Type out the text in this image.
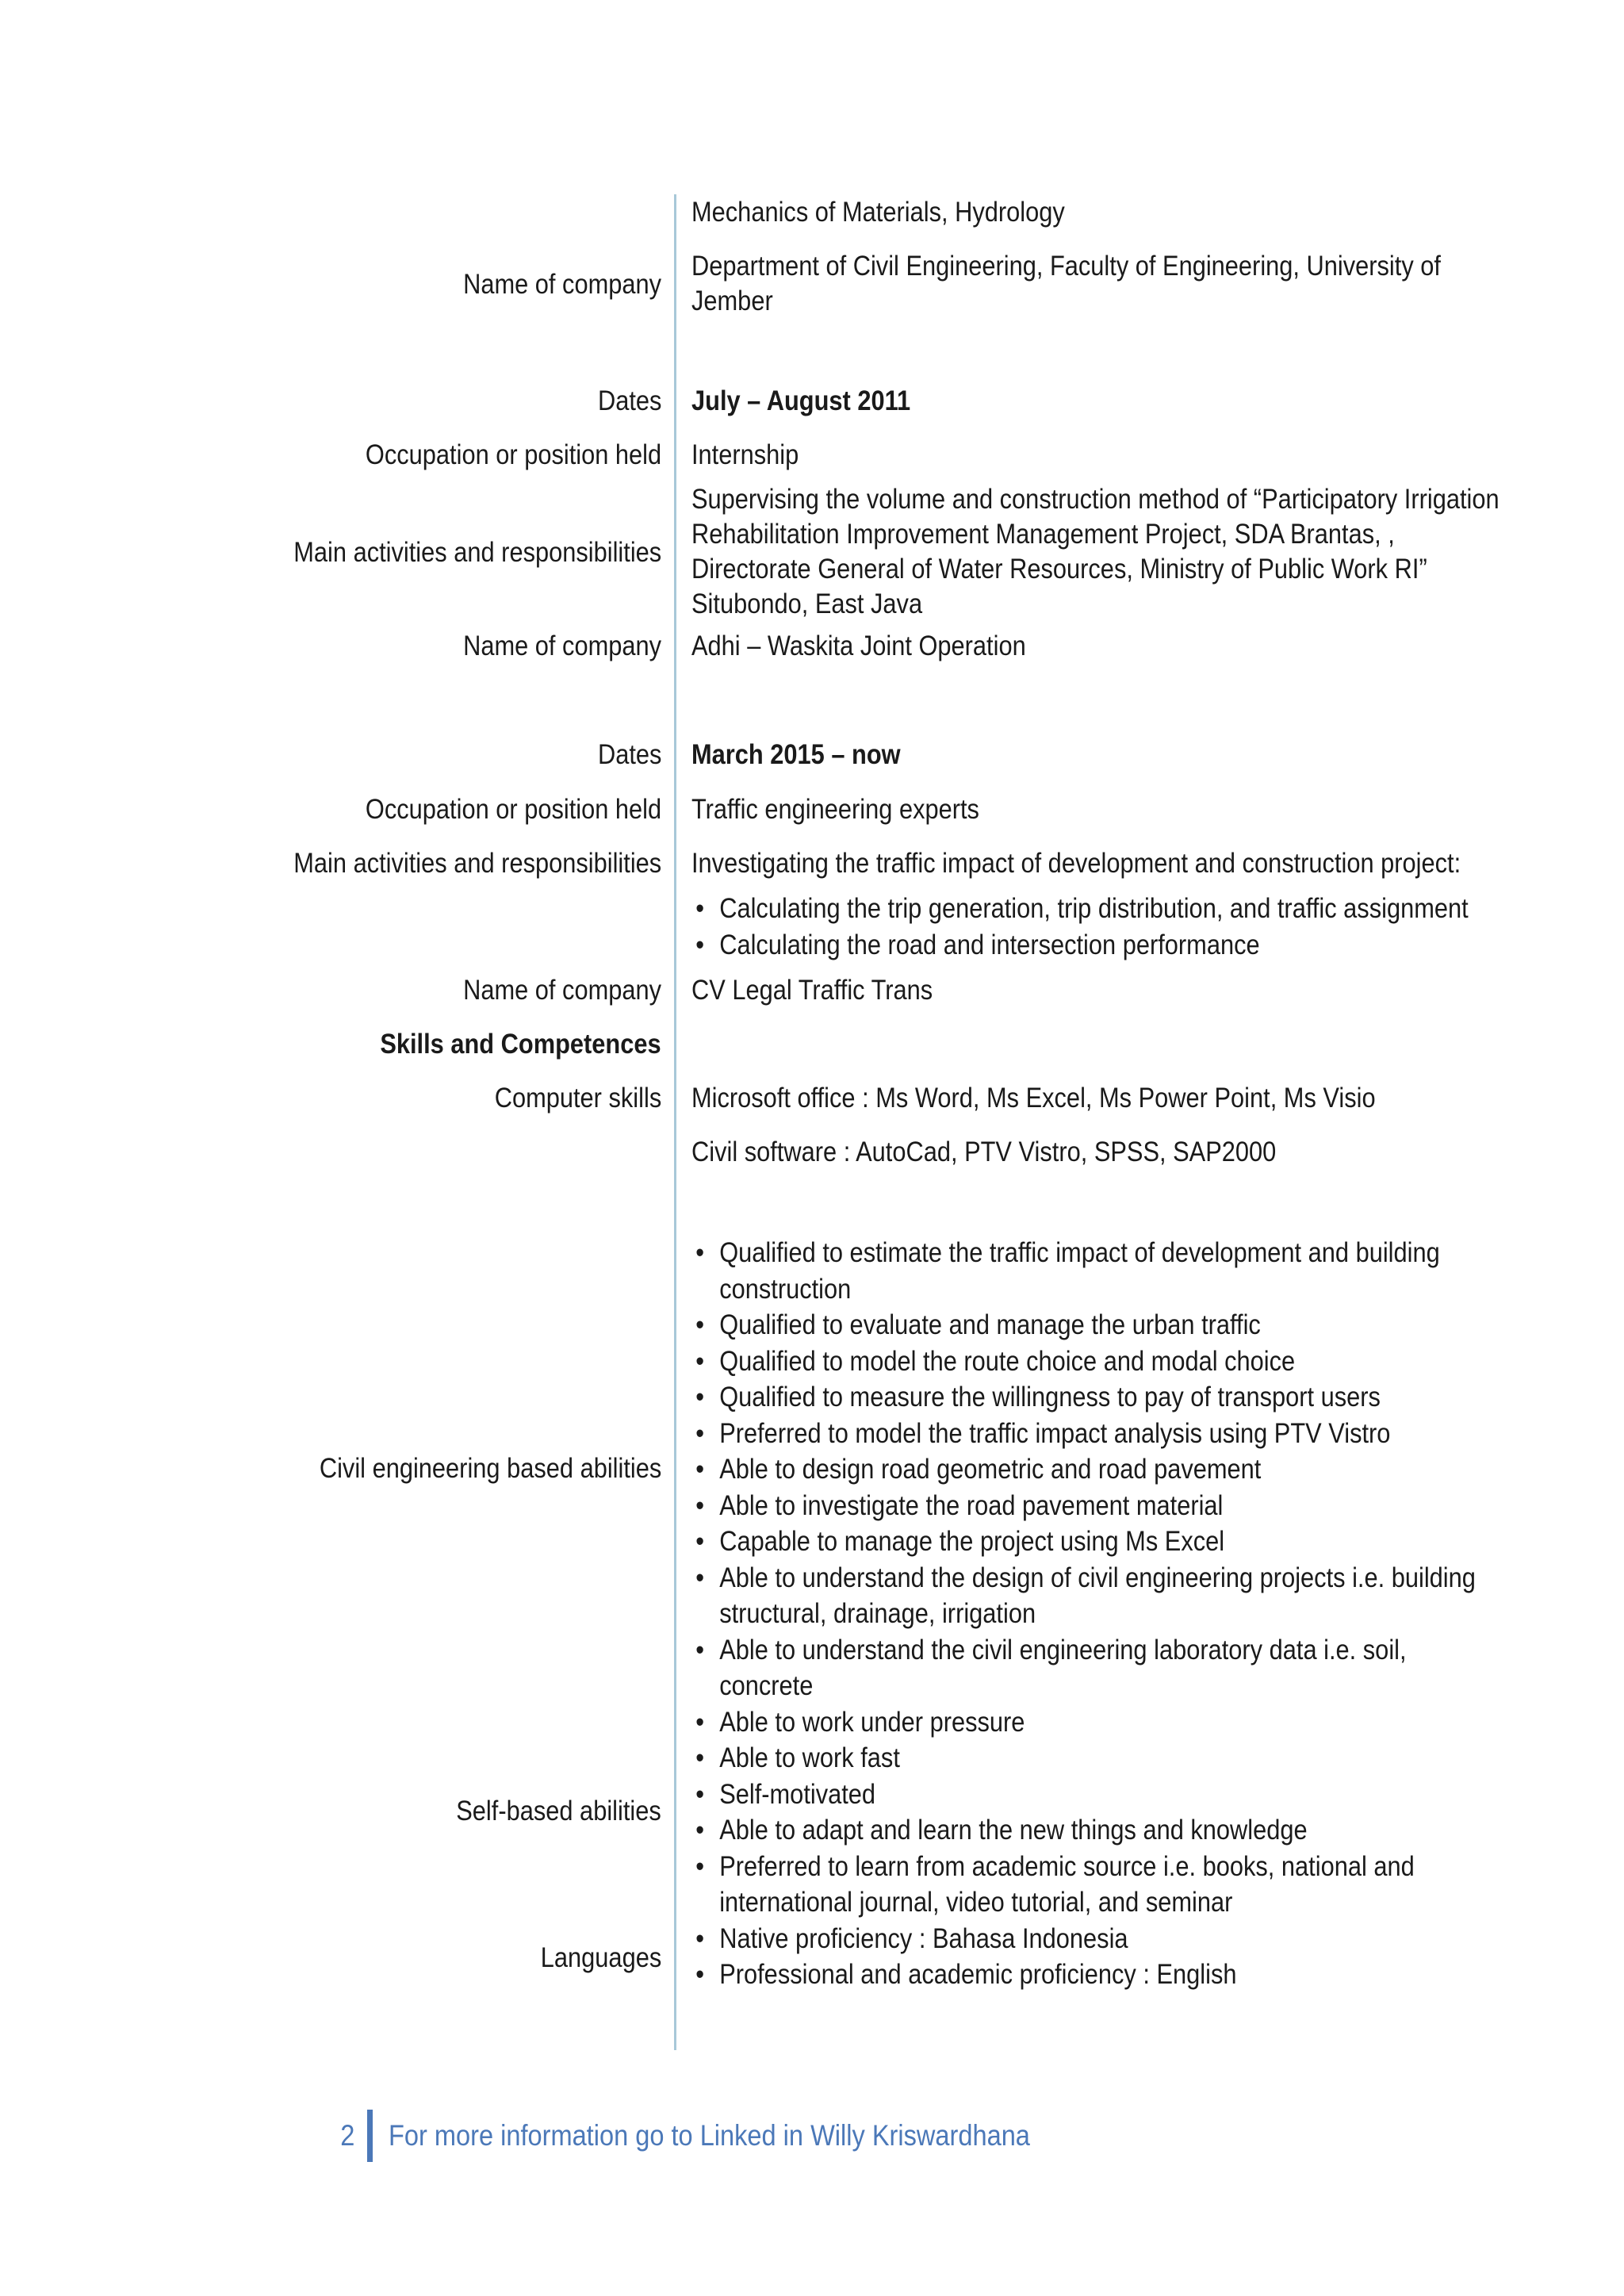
Mechanics of Materials, Hydrology
Name of company
Department of Civil Engineering, Faculty of Engineering, University of
Jember
Dates July – August 2011
Occupation or position held Internship
Main activities and responsibilities
Supervising the volume and construction method of “Participatory Irrigation
Rehabilitation Improvement Management Project, SDA Brantas, ,
Directorate General of Water Resources, Ministry of Public Work RI”
Situbondo, East Java
Name of company Adhi – Waskita Joint Operation
Dates March 2015 – now
Occupation or position held Traffic engineering experts
Main activities and responsibilities Investigating the traffic impact of development and construction project:
• Calculating the trip generation, trip distribution, and traffic assignment
• Calculating the road and intersection performance
Name of company CV Legal Traffic Trans
Skills and Competences
Computer skills Microsoft office : Ms Word, Ms Excel, Ms Power Point, Ms Visio
Civil software : AutoCad, PTV Vistro, SPSS, SAP2000
Civil engineering based abilities
Self-based abilities
Languages
• Qualified to estimate the traffic impact of development and building
construction
• Qualified to evaluate and manage the urban traffic
• Qualified to model the route choice and modal choice
• Qualified to measure the willingness to pay of transport users
• Preferred to model the traffic impact analysis using PTV Vistro
• Able to design road geometric and road pavement
• Able to investigate the road pavement material
• Capable to manage the project using Ms Excel
• Able to understand the design of civil engineering projects i.e. building
structural, drainage, irrigation
• Able to understand the civil engineering laboratory data i.e. soil,
concrete
• Able to work under pressure
• Able to work fast
• Self-motivated
• Able to adapt and learn the new things and knowledge
• Preferred to learn from academic source i.e. books, national and
international journal, video tutorial, and seminar
• Native proficiency : Bahasa Indonesia
• Professional and academic proficiency : English
2 For more information go to Linked in Willy Kriswardhana
